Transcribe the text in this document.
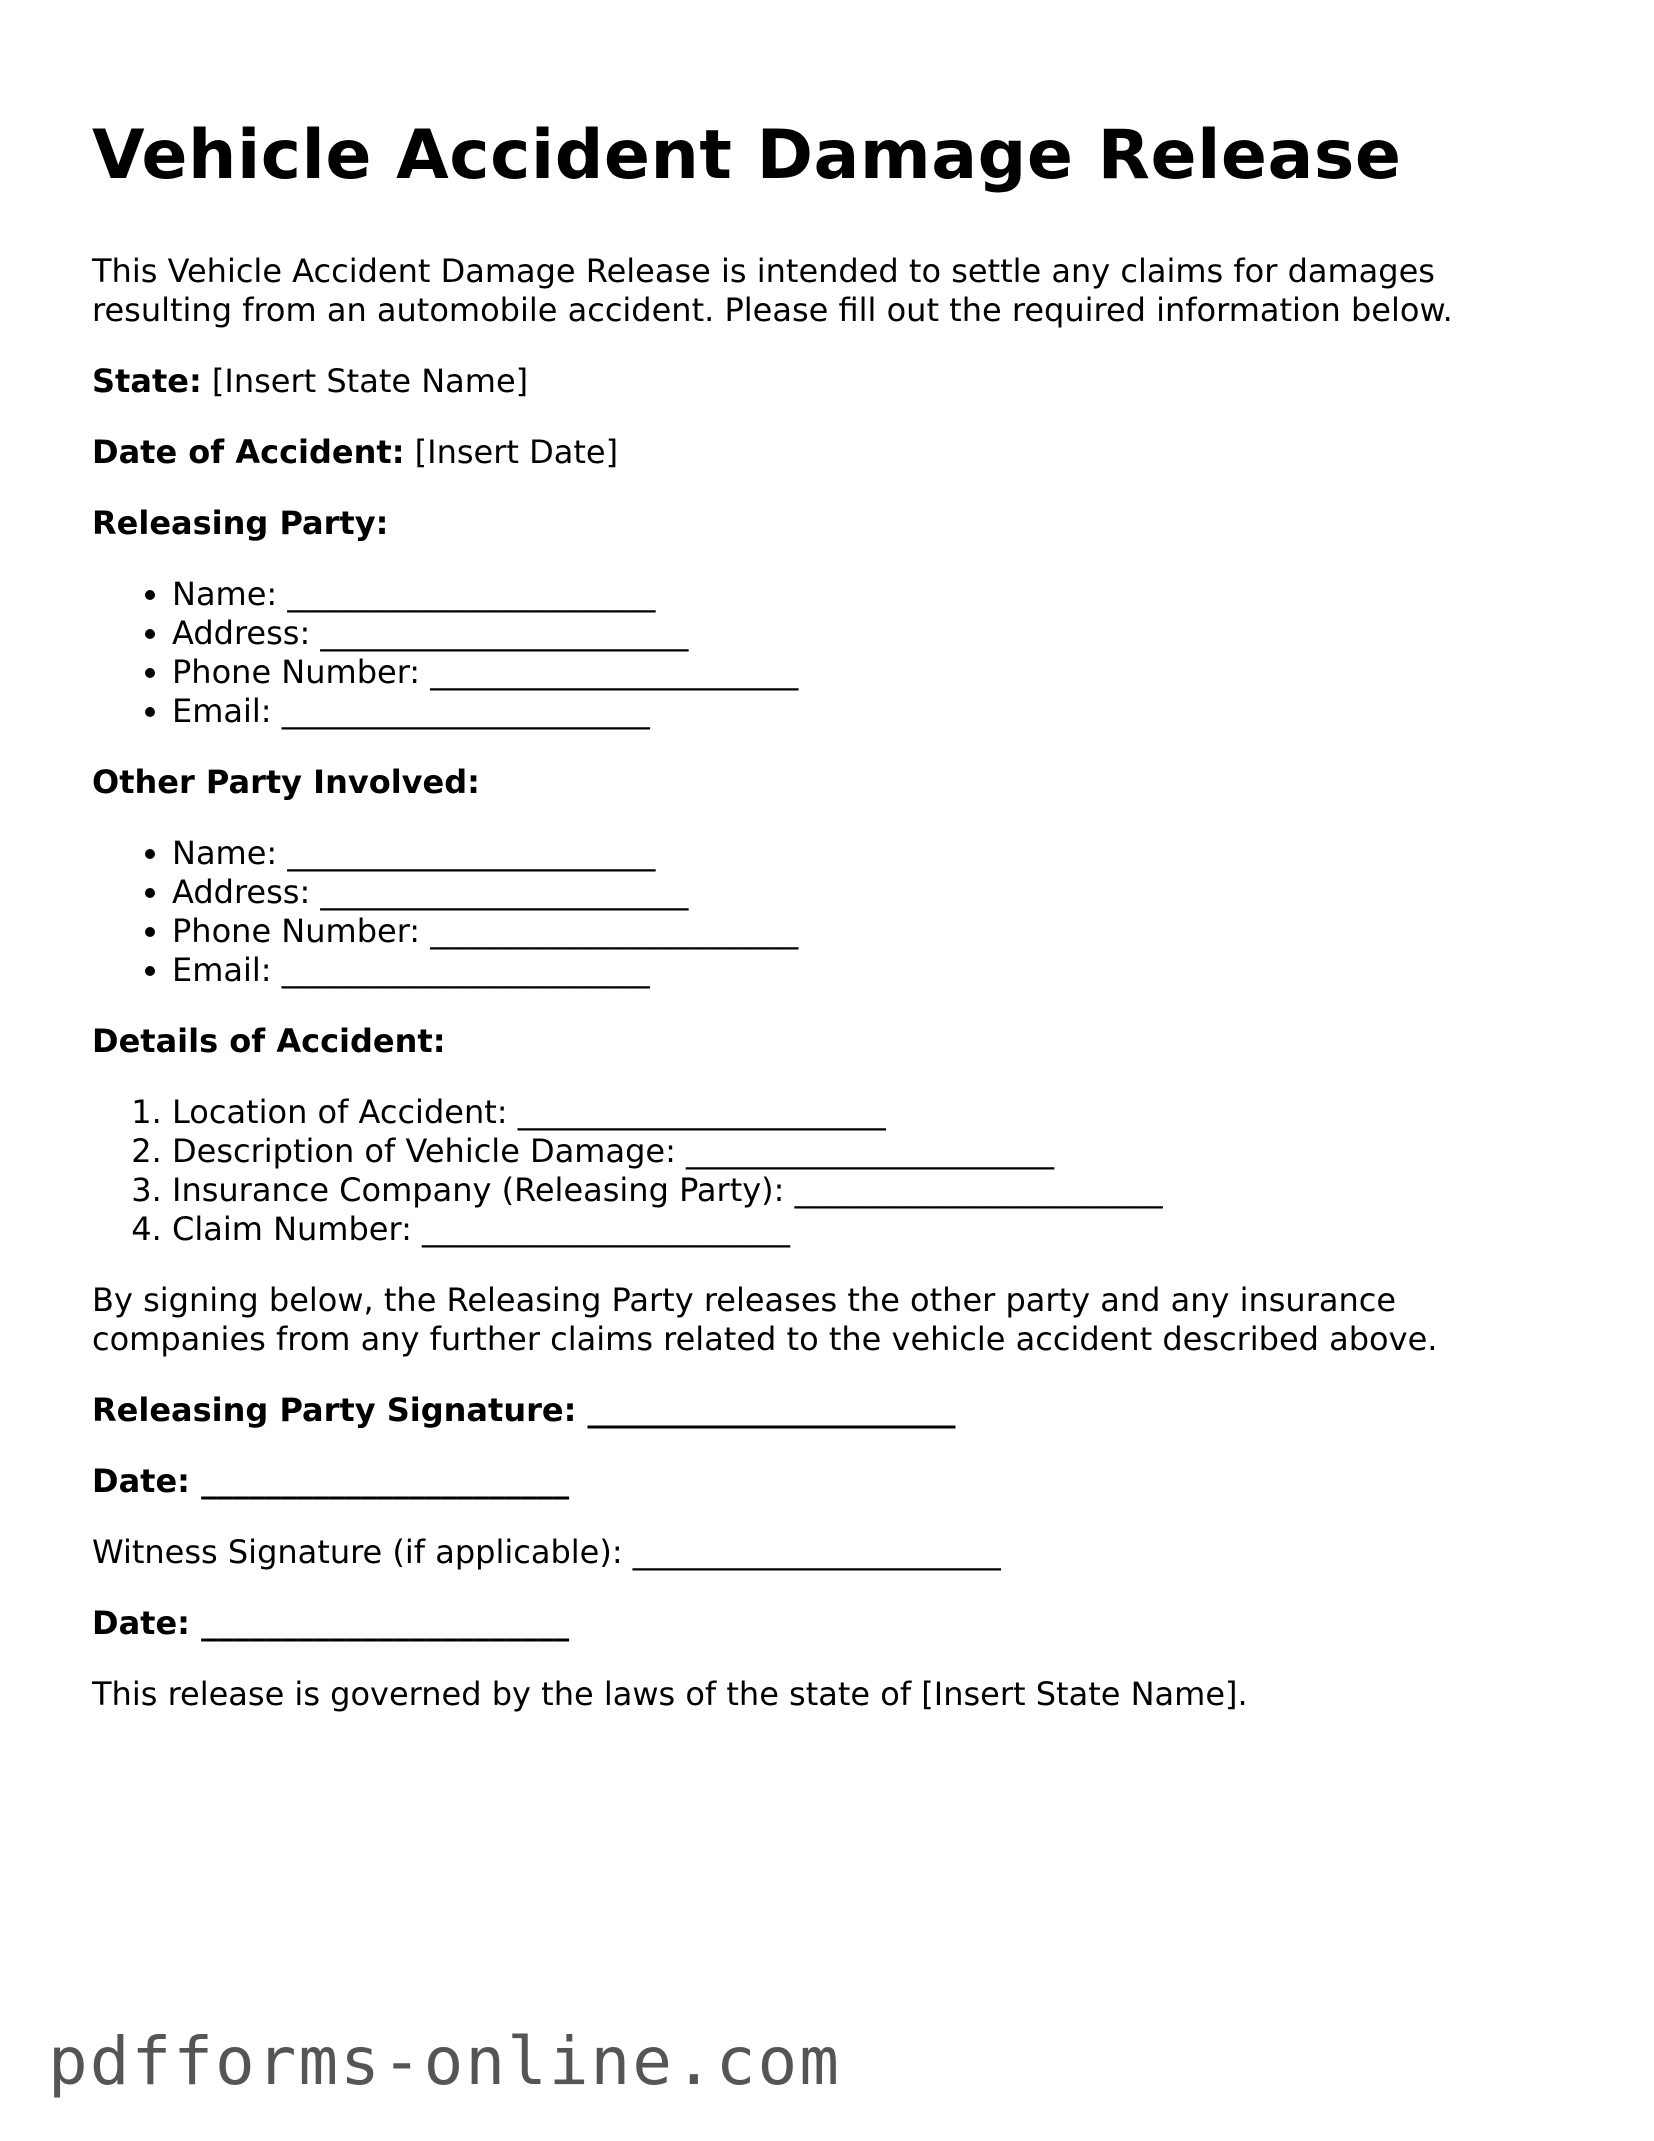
Vehicle Accident Damage Release

This Vehicle Accident Damage Release is intended to settle any claims for damages resulting from an automobile accident. Please fill out the required information below.

State: [Insert State Name]

Date of Accident: [Insert Date]

Releasing Party:

• Name: _______________________
• Address: _______________________
• Phone Number: _______________________
• Email: _______________________

Other Party Involved:

• Name: _______________________
• Address: _______________________
• Phone Number: _______________________
• Email: _______________________

Details of Accident:

1. Location of Accident: _______________________
2. Description of Vehicle Damage: _______________________
3. Insurance Company (Releasing Party): _______________________
4. Claim Number: _______________________

By signing below, the Releasing Party releases the other party and any insurance companies from any further claims related to the vehicle accident described above.

Releasing Party Signature: _______________________

Date: _______________________

Witness Signature (if applicable): _______________________

Date: _______________________

This release is governed by the laws of the state of [Insert State Name].

pdfforms-online.com
